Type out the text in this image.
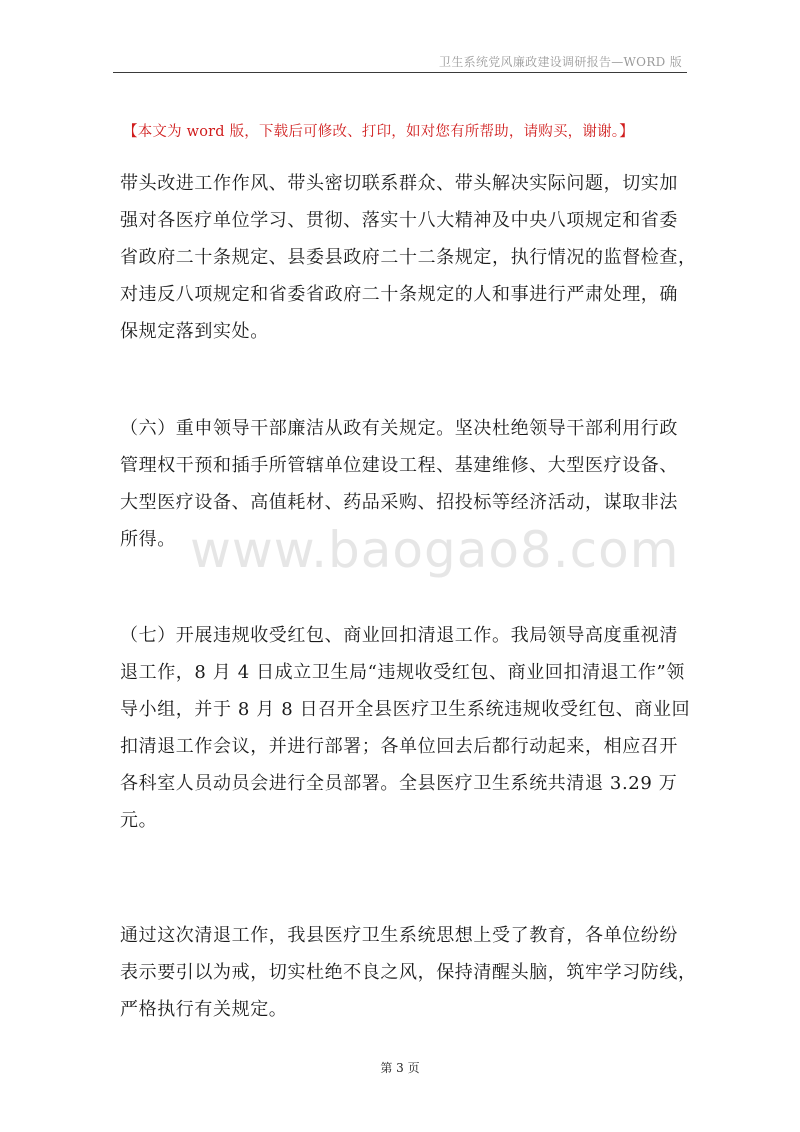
卫生系统党风廉政建设调研报告—WORD 版
【本文为 word 版，下载后可修改、打印，如对您有所帮助，请购买，谢谢。】
www.baogao8.com
带头改进工作作风、带头密切联系群众、带头解决实际问题，切实加
强对各医疗单位学习、贯彻、落实十八大精神及中央八项规定和省委
省政府二十条规定、县委县政府二十二条规定，执行情况的监督检查，
对违反八项规定和省委省政府二十条规定的人和事进行严肃处理，确
保规定落到实处。
（六）重申领导干部廉洁从政有关规定。坚决杜绝领导干部利用行政
管理权干预和插手所管辖单位建设工程、基建维修、大型医疗设备、
大型医疗设备、高值耗材、药品采购、招投标等经济活动，谋取非法
所得。
（七）开展违规收受红包、商业回扣清退工作。我局领导高度重视清
退工作，8 月 4 日成立卫生局“违规收受红包、商业回扣清退工作”领
导小组，并于 8 月 8 日召开全县医疗卫生系统违规收受红包、商业回
扣清退工作会议，并进行部署；各单位回去后都行动起来，相应召开
各科室人员动员会进行全员部署。全县医疗卫生系统共清退 3.29 万
元。
通过这次清退工作，我县医疗卫生系统思想上受了教育，各单位纷纷
表示要引以为戒，切实杜绝不良之风，保持清醒头脑，筑牢学习防线，
严格执行有关规定。
第 3 页
